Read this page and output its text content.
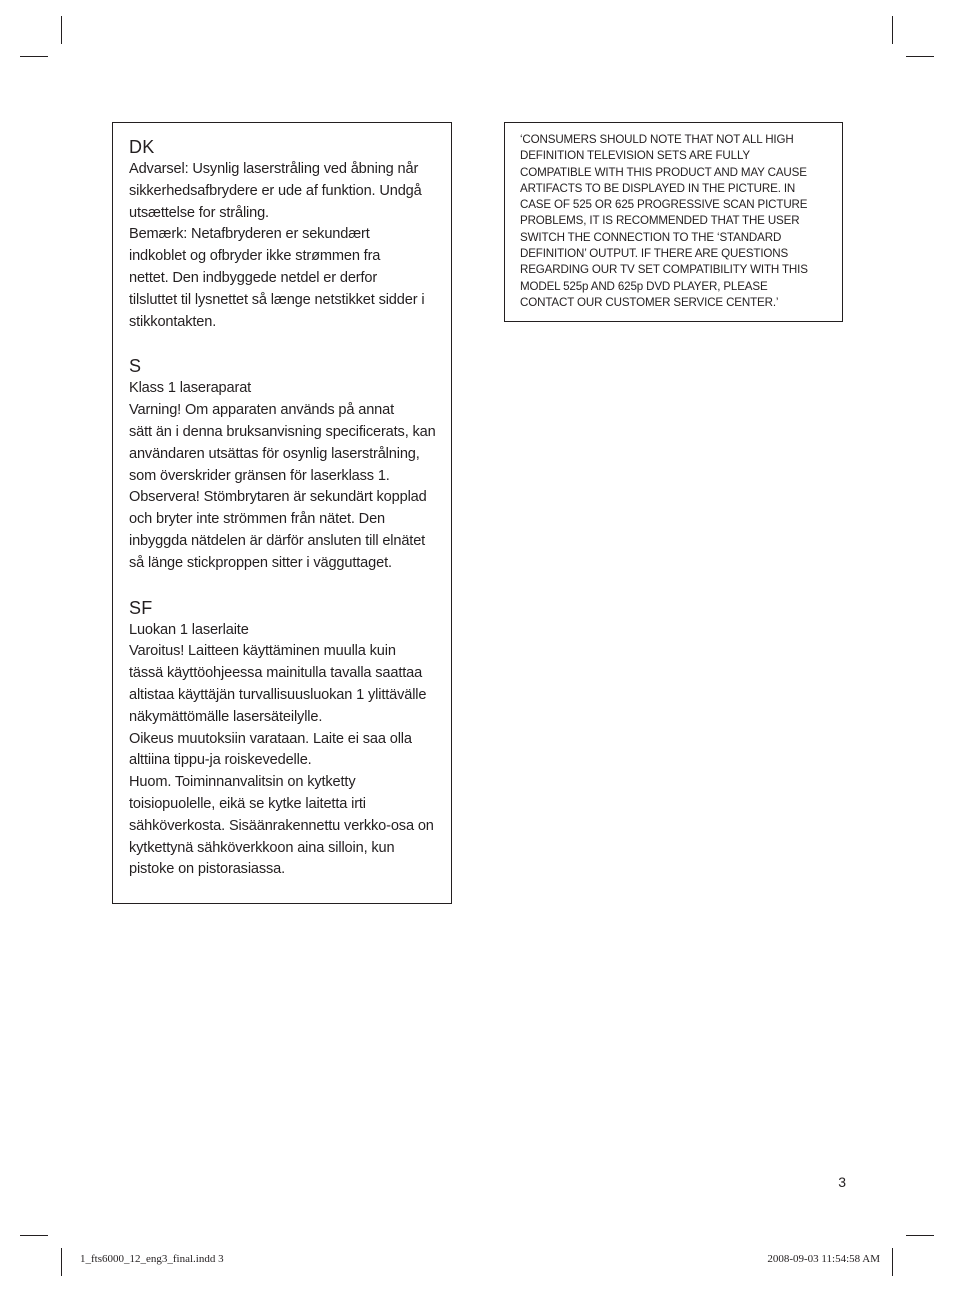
DK

Advarsel: Usynlig laserstråling ved åbning når

sikkerhedsafbrydere er ude af funktion. Undgå

utsættelse for stråling.

Bemærk: Netafbryderen er sekundært

indkoblet og ofbryder ikke strømmen fra

nettet. Den indbyggede netdel er derfor

tilsluttet til lysnettet så længe netstikket sidder i

stikkontakten.

S

Klass 1 laseraparat

Varning! Om apparaten används på annat

sätt än i denna bruksanvisning specificerats, kan

användaren utsättas för osynlig laserstrålning,

som överskrider gränsen för laserklass 1.

Observera! Stömbrytaren är sekundärt kopplad

och bryter inte strömmen från nätet. Den

inbyggda nätdelen är därför ansluten till elnätet

så länge stickproppen sitter i vägguttaget.

SF

Luokan 1 laserlaite

Varoitus! Laitteen käyttäminen muulla kuin

tässä käyttöohjeessa mainitulla tavalla saattaa

altistaa käyttäjän turvallisuusluokan 1 ylittävälle

näkymättömälle lasersäteilylle.

Oikeus muutoksiin varataan. Laite ei saa olla

alttiina tippu-ja roiskevedelle.

Huom. Toiminnanvalitsin on kytketty

toisiopuolelle, eikä se kytke laitetta irti

sähköverkosta. Sisäänrakennettu verkko-osa on

kytkettynä sähköverkkoon aina silloin, kun

pistoke on pistorasiassa.

‘CONSUMERS SHOULD NOTE THAT NOT ALL HIGH

DEFINITION TELEVISION SETS ARE FULLY

COMPATIBLE WITH THIS PRODUCT AND MAY CAUSE

ARTIFACTS TO BE DISPLAYED IN THE PICTURE. IN

CASE OF 525 OR 625 PROGRESSIVE SCAN PICTURE

PROBLEMS, IT IS RECOMMENDED THAT THE USER

SWITCH THE CONNECTION TO THE ‘STANDARD

DEFINITION’ OUTPUT. IF THERE ARE QUESTIONS

REGARDING OUR TV SET COMPATIBILITY WITH THIS

MODEL 525p AND 625p DVD PLAYER, PLEASE

CONTACT OUR CUSTOMER SERVICE CENTER.’

3
1_fts6000_12_eng3_final.indd 3	2008-09-03 11:54:58 AM
